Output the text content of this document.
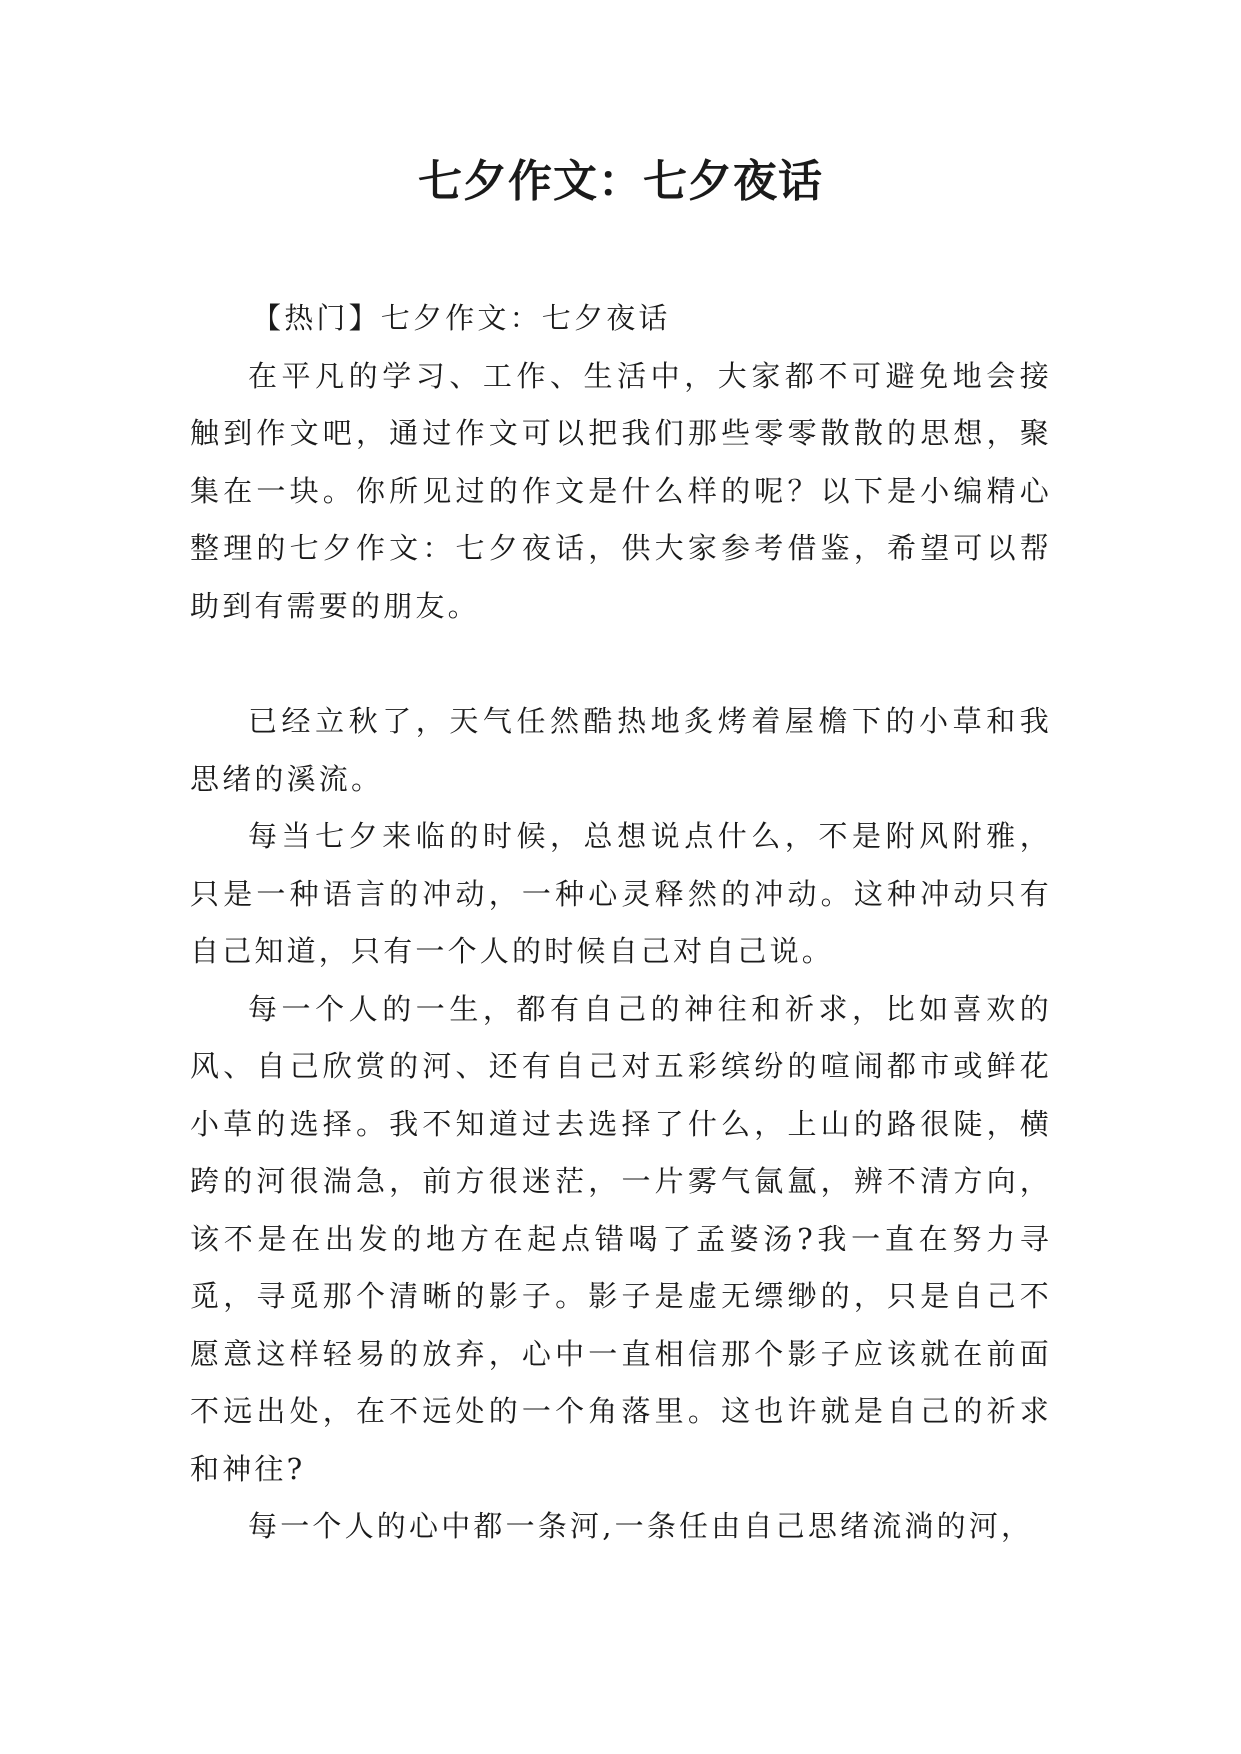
七夕作文：七夕夜话

【热门】七夕作文：七夕夜话

在平凡的学习、工作、生活中，大家都不可避免地会接触到作文吧，通过作文可以把我们那些零零散散的思想，聚集在一块。你所见过的作文是什么样的呢？以下是小编精心整理的七夕作文：七夕夜话，供大家参考借鉴，希望可以帮助到有需要的朋友。

已经立秋了，天气任然酷热地炙烤着屋檐下的小草和我思绪的溪流。

每当七夕来临的时候，总想说点什么，不是附风附雅，只是一种语言的冲动，一种心灵释然的冲动。这种冲动只有自己知道，只有一个人的时候自己对自己说。

每一个人的一生，都有自己的神往和祈求，比如喜欢的风、自己欣赏的河、还有自己对五彩缤纷的喧闹都市或鲜花小草的选择。我不知道过去选择了什么，上山的路很陡，横跨的河很湍急，前方很迷茫，一片雾气氤氲，辨不清方向，该不是在出发的地方在起点错喝了孟婆汤?我一直在努力寻觅，寻觅那个清晰的影子。影子是虚无缥缈的，只是自己不愿意这样轻易的放弃，心中一直相信那个影子应该就在前面不远出处，在不远处的一个角落里。这也许就是自己的祈求和神往?

每一个人的心中都一条河,一条任由自己思绪流淌的河，
